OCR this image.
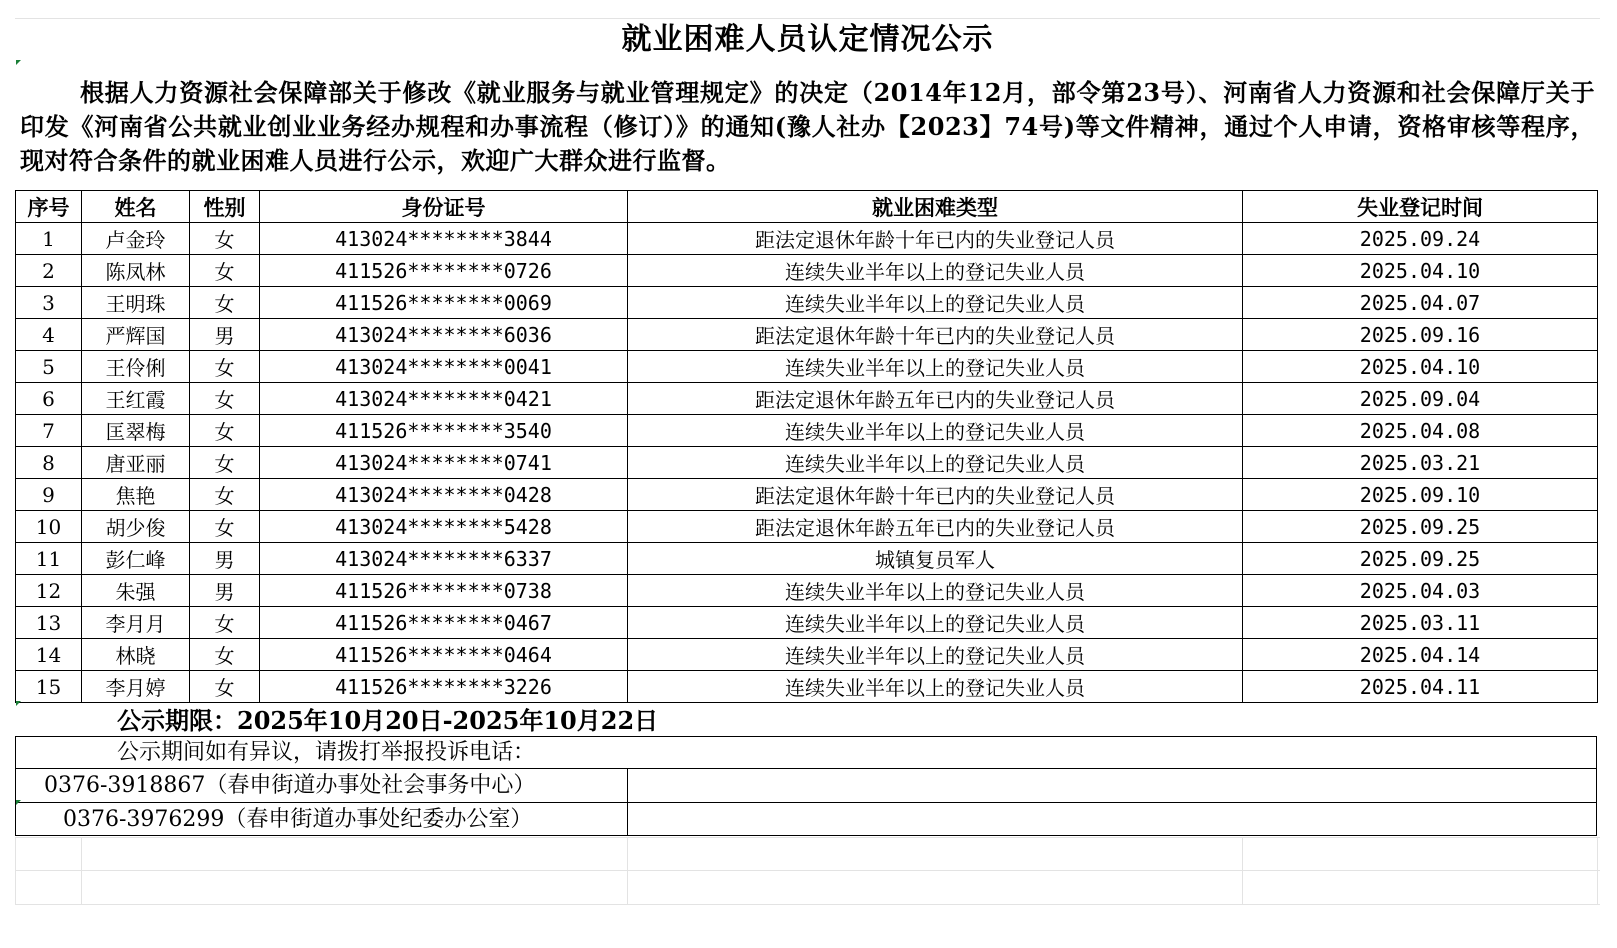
就业困难人员认定情况公示
根据人力资源社会保障部关于修改《就业服务与就业管理规定》的决定（2014年12月，部令第23号）、河南省人力资源和社会保障厅关于印发《河南省公共就业创业业务经办规程和办事流程（修订）》的通知(豫人社办【2023】74号)等文件精神，通过个人申请，资格审核等程序，现对符合条件的就业困难人员进行公示，欢迎广大群众进行监督。
序号	姓名	性别	身份证号	就业困难类型	失业登记时间
1	卢金玲	女	413024********3844	距法定退休年龄十年已内的失业登记人员	2025.09.24
2	陈凤林	女	411526********0726	连续失业半年以上的登记失业人员	2025.04.10
3	王明珠	女	411526********0069	连续失业半年以上的登记失业人员	2025.04.07
4	严辉国	男	413024********6036	距法定退休年龄十年已内的失业登记人员	2025.09.16
5	王伶俐	女	413024********0041	连续失业半年以上的登记失业人员	2025.04.10
6	王红霞	女	413024********0421	距法定退休年龄五年已内的失业登记人员	2025.09.04
7	匡翠梅	女	411526********3540	连续失业半年以上的登记失业人员	2025.04.08
8	唐亚丽	女	413024********0741	连续失业半年以上的登记失业人员	2025.03.21
9	焦艳	女	413024********0428	距法定退休年龄十年已内的失业登记人员	2025.09.10
10	胡少俊	女	413024********5428	距法定退休年龄五年已内的失业登记人员	2025.09.25
11	彭仁峰	男	413024********6337	城镇复员军人	2025.09.25
12	朱强	男	411526********0738	连续失业半年以上的登记失业人员	2025.04.03
13	李月月	女	411526********0467	连续失业半年以上的登记失业人员	2025.03.11
14	林晓	女	411526********0464	连续失业半年以上的登记失业人员	2025.04.14
15	李月婷	女	411526********3226	连续失业半年以上的登记失业人员	2025.04.11
公示期限：2025年10月20日-2025年10月22日
公示期间如有异议，请拨打举报投诉电话：
0376-3918867（春申街道办事处社会事务中心）
0376-3976299（春申街道办事处纪委办公室）
